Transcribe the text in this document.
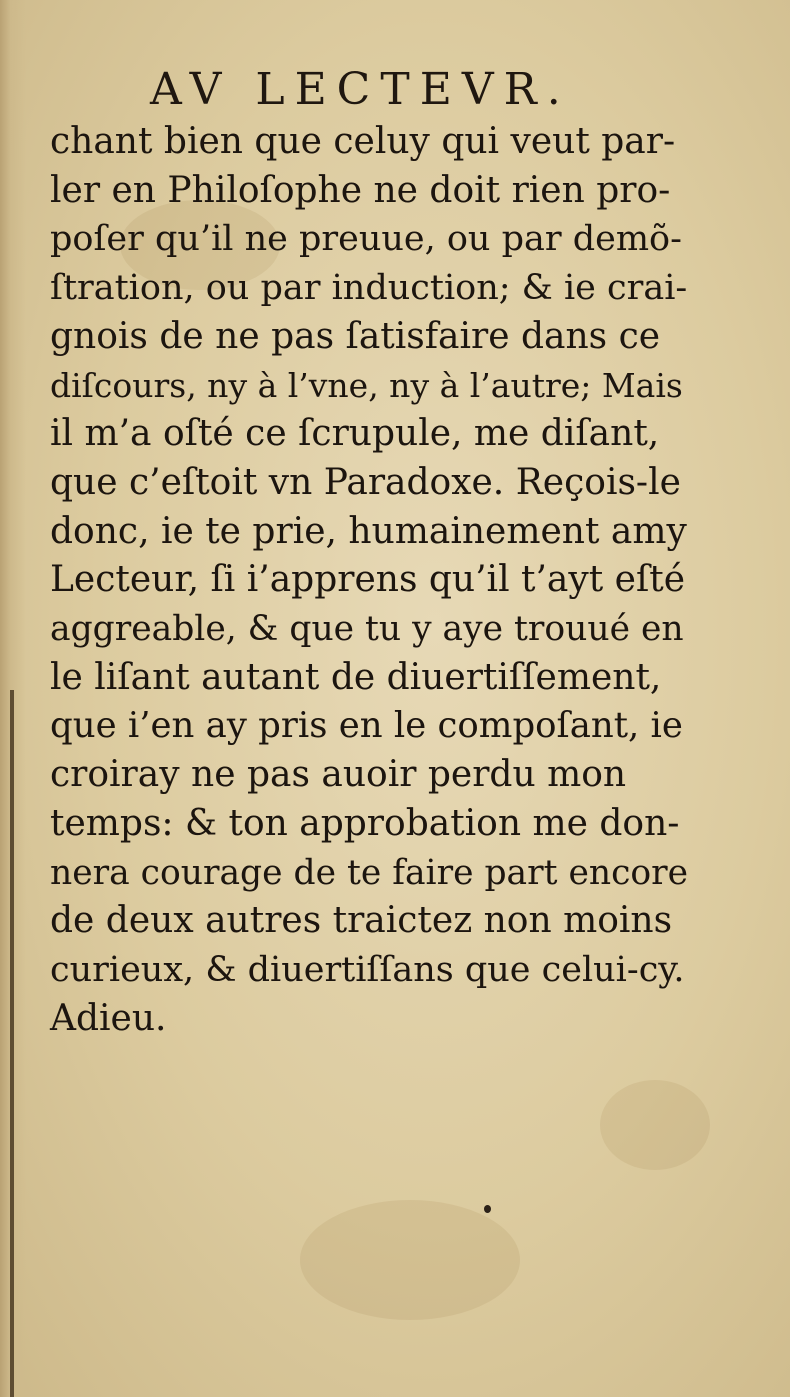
AV LECTEVR.
chant bien que celuy qui veut par-
ler en Philoſophe ne doit rien pro-
poſer qu’il ne preuue, ou par demõ-
ſtration, ou par induction; & ie crai-
gnois de ne pas ſatisfaire dans ce
diſcours, ny à l’vne, ny à l’autre; Mais
il m’a oſté ce ſcrupule, me diſant,
que c’eſtoit vn Paradoxe. Reçois-le
donc, ie te prie, humainement amy
Lecteur, ſi i’apprens qu’il t’ayt eſté
aggreable, & que tu y aye trouué en
le liſant autant de diuertiſſement,
que i’en ay pris en le compoſant, ie
croiray ne pas auoir perdu mon
temps: & ton approbation me don-
nera courage de te faire part encore
de deux autres traictez non moins
curieux, & diuertiſſans que celui-cy.
Adieu.
